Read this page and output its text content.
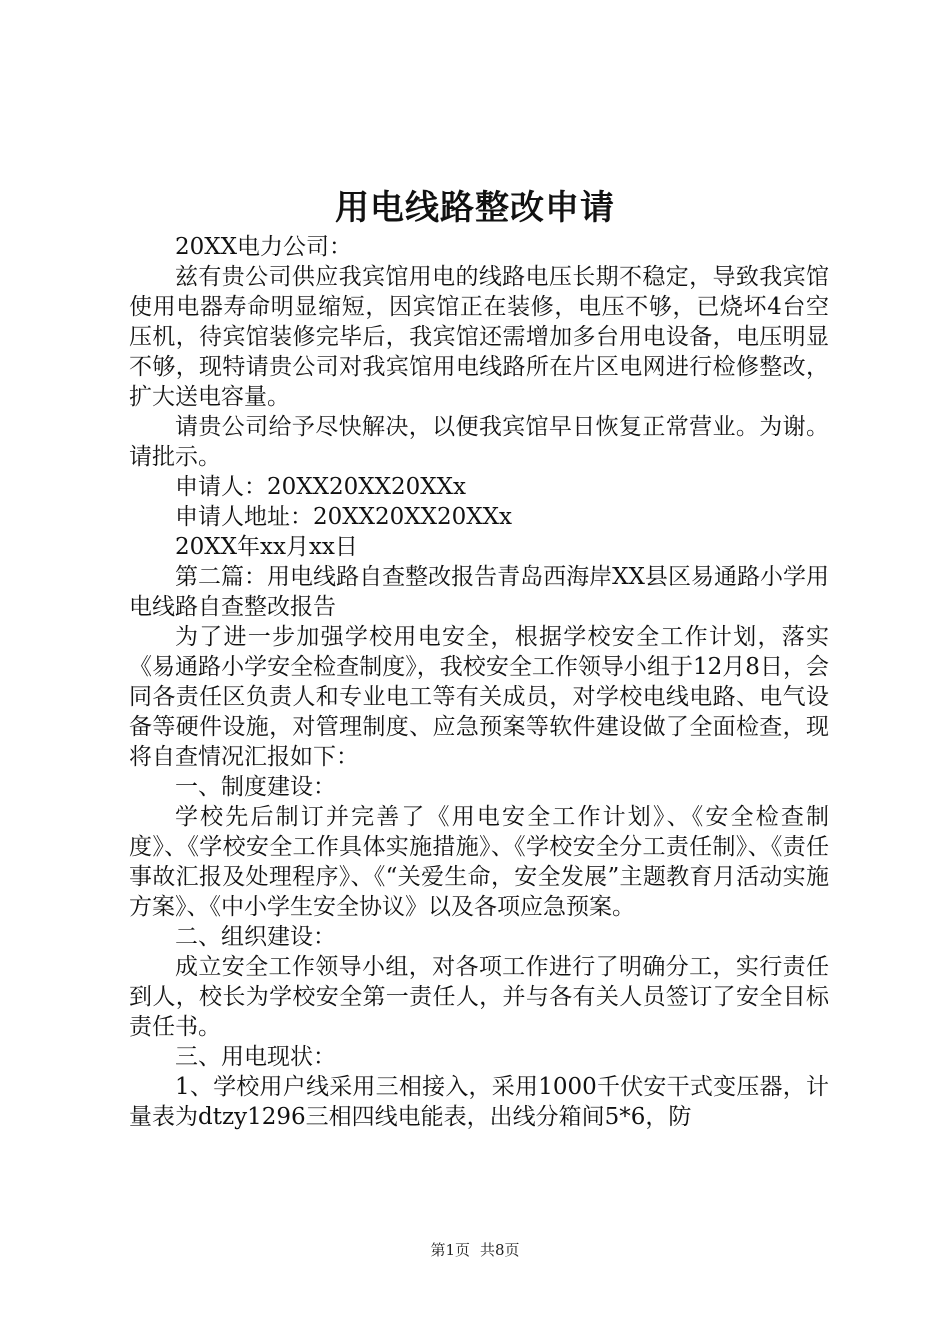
用电线路整改申请

20XX电力公司：

兹有贵公司供应我宾馆用电的线路电压长期不稳定，导致我宾馆使用电器寿命明显缩短，因宾馆正在装修，电压不够，已烧坏4台空压机，待宾馆装修完毕后，我宾馆还需增加多台用电设备，电压明显不够，现特请贵公司对我宾馆用电线路所在片区电网进行检修整改，扩大送电容量。

请贵公司给予尽快解决，以便我宾馆早日恢复正常营业。为谢。请批示。

申请人：20XX20XX20XXx

申请人地址：20XX20XX20XXx

20XX年xx月xx日

第二篇：用电线路自查整改报告青岛西海岸XX县区易通路小学用电线路自查整改报告

为了进一步加强学校用电安全，根据学校安全工作计划，落实《易通路小学安全检查制度》，我校安全工作领导小组于12月8日，会同各责任区负责人和专业电工等有关成员，对学校电线电路、电气设备等硬件设施，对管理制度、应急预案等软件建设做了全面检查，现将自查情况汇报如下：

一、制度建设：

学校先后制订并完善了《用电安全工作计划》、《安全检查制度》、《学校安全工作具体实施措施》、《学校安全分工责任制》、《责任事故汇报及处理程序》、《“关爱生命，安全发展”主题教育月活动实施方案》、《中小学生安全协议》以及各项应急预案。

二、组织建设：

成立安全工作领导小组，对各项工作进行了明确分工，实行责任到人，校长为学校安全第一责任人，并与各有关人员签订了安全目标责任书。

三、用电现状：

1、学校用户线采用三相接入，采用1000千伏安干式变压器，计量表为dtzy1296三相四线电能表，出线分箱间5*6，防

第1页 共8页
